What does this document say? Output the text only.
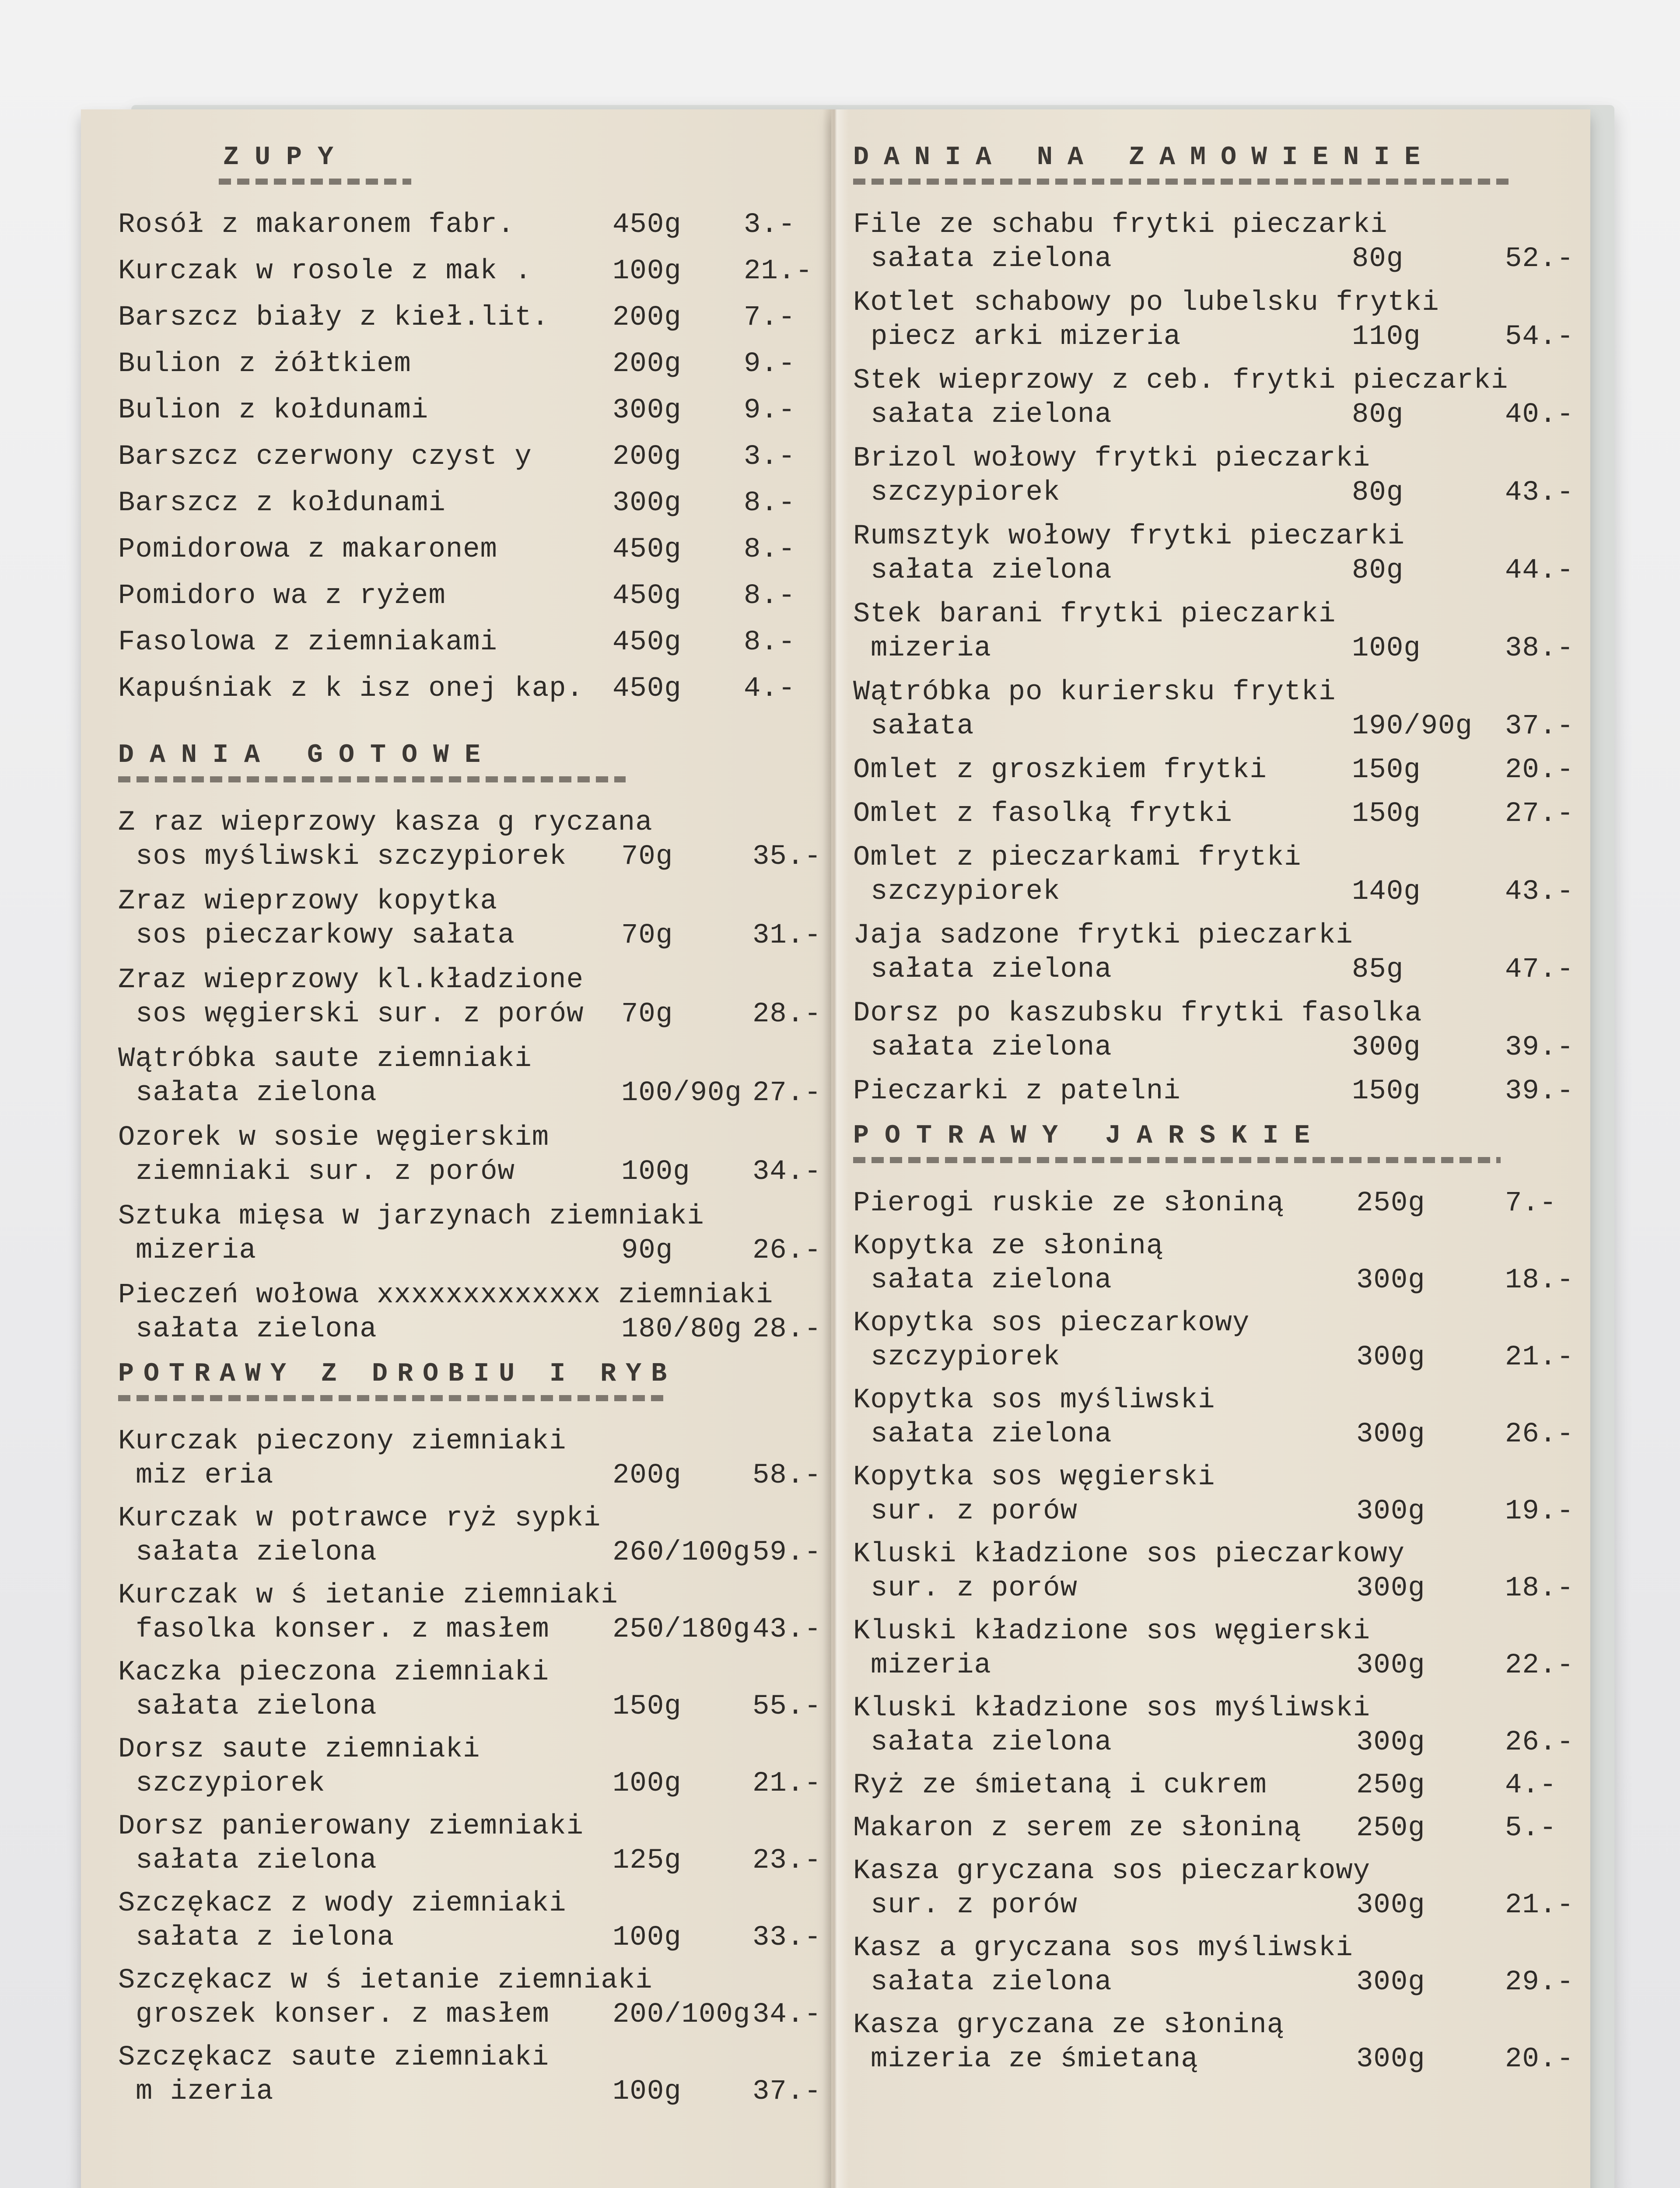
ZUPY
Rosół z makaronem fabr.	450g 3.-
Kurczak w rosole z mak .	100g 21.-
Barszcz biały z kieł.lit. 200g 7.-
Bulion z żółtkiem	200g 9.-
Bulion z kołdunami	300g 9.-
Barszcz czerwony czyst y	200g 3.-
Barszcz z kołdunami	300g 8.-
Pomidorowa z makaronem	450g 8.-
Pomidoro wa z ryżem	450g 8.-
Fasolowa z ziemniakami	450g 8.-
Kapuśniak z k isz onej kap. 450g 4.-
DANIA GOTOWE
Z raz wieprzowy kasza g ryczana
sos myśliwski szczypiorek	70g	35.-
Zraz wieprzowy kopytka
sos pieczarkowy sałata	70g	31.-
Zraz wieprzowy kl.kładzione
sos węgierski sur. z porów	70g	28.-
Wątróbka saute ziemniaki
sałata zielona	100/90g 27.-
Ozorek w sosie węgierskim
ziemniaki sur. z porów	100g 34.-
Sztuka mięsa w jarzynach ziemniaki
mizeria	90g	26.-
Pieczeń wołowa xxxxxxxxxxxxx ziemniaki
sałata zielona	180/80g 28.-
POTRAWY Z DROBIU I RYB
Kurczak pieczony ziemniaki
miz eria	200g	58.-
Kurczak w potrawce ryż sypki
sałata zielona	260/100g 59.-
Kurczak w ś ietanie ziemniaki
fasolka konser. z masłem	250/180g 43.-
Kaczka pieczona ziemniaki
sałata zielona	150g	55.-
Dorsz saute ziemniaki
szczypiorek	100g	21.-
Dorsz panierowany ziemniaki
sałata zielona	125g	23.-
Szczękacz z wody ziemniaki
sałata z ielona	100g	33.-
Szczękacz w ś ietanie ziemniaki
groszek konser. z masłem	200/100g 34.-
Szczękacz saute ziemniaki
m izeria	100g	37.-
DANIA NA ZAMOWIENIE
File ze schabu frytki pieczarki
sałata zielona	80g	52.-
Kotlet schabowy po lubelsku frytki
piecz arki mizeria	110g	54.-
Stek wieprzowy z ceb. frytki pieczarki
sałata zielona	80g	40.-
Brizol wołowy frytki pieczarki
szczypiorek	80g	43.-
Rumsztyk wołowy frytki pieczarki
sałata zielona	80g	44.-
Stek barani frytki pieczarki
mizeria	100g	38.-
Wątróbka po kuriersku frytki
sałata	190/90g 37.-
Omlet z groszkiem frytki	150g	20.-
Omlet z fasolką frytki	150g	27.-
Omlet z pieczarkami frytki
szczypiorek	140g	43.-
Jaja sadzone frytki pieczarki
sałata zielona	85g	47.-
Dorsz po kaszubsku frytki fasolka
sałata zielona	300g	39.-
Pieczarki z patelni	150g	39.-
POTRAWY JARSKIE
Pierogi ruskie ze słoniną	250g	7.-
Kopytka ze słoniną
sałata zielona	300g	18.-
Kopytka sos pieczarkowy
szczypiorek	300g	21.-
Kopytka sos myśliwski
sałata zielona	300g	26.-
Kopytka sos węgierski
sur. z porów	300g	19.-
Kluski kładzione sos pieczarkowy
sur. z porów	300g	18.-
Kluski kładzione sos węgierski
mizeria	300g	22.-
Kluski kładzione sos myśliwski
sałata zielona	300g	26.-
Ryż ze śmietaną i cukrem	250g	4.-
Makaron z serem ze słoniną	250g	5.-
Kasza gryczana sos pieczarkowy
sur. z porów	300g	21.-
Kasz a gryczana sos myśliwski
sałata zielona	300g	29.-
Kasza gryczana ze słoniną
mizeria ze śmietaną	300g	20.-
